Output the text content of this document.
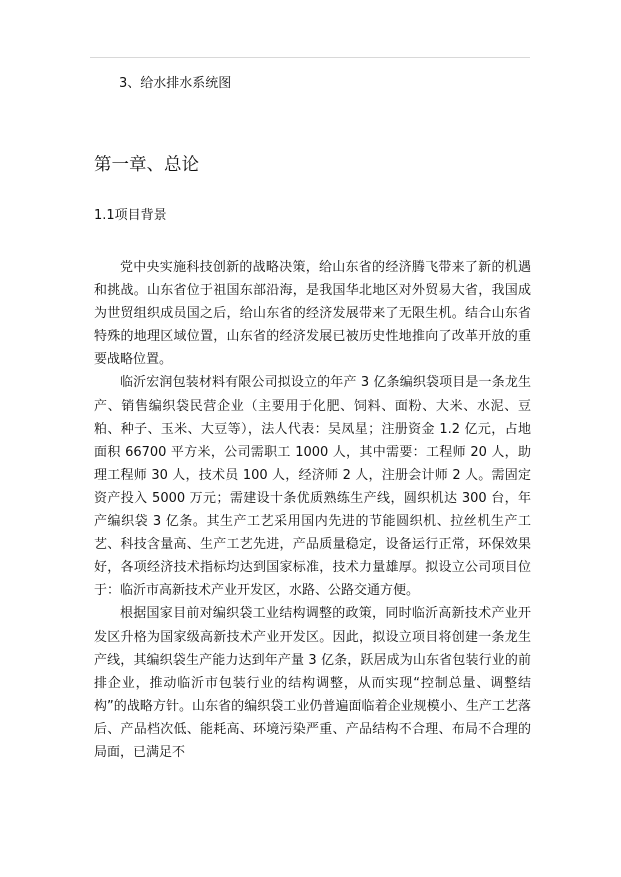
3、给水排水系统图
第一章、总论
1.1项目背景

党中央实施科技创新的战略决策，给山东省的经济腾飞带来了新的机遇和挑战。山东省位于祖国东部沿海，是我国华北地区对外贸易大省，我国成为世贸组织成员国之后，给山东省的经济发展带来了无限生机。结合山东省特殊的地理区域位置，山东省的经济发展已被历史性地推向了改革开放的重要战略位置。

临沂宏润包装材料有限公司拟设立的年产 3 亿条编织袋项目是一条龙生产、销售编织袋民营企业（主要用于化肥、饲料、面粉、大米、水泥、豆粕、种子、玉米、大豆等），法人代表：吴凤星；注册资金 1.2 亿元，占地面积 66700 平方米，公司需职工 1000 人，其中需要：工程师 20 人，助理工程师 30 人，技术员 100 人，经济师 2 人，注册会计师 2 人。需固定资产投入 5000 万元；需建设十条优质熟练生产线，圆织机达 300 台，年产编织袋 3 亿条。其生产工艺采用国内先进的节能圆织机、拉丝机生产工艺、科技含量高、生产工艺先进，产品质量稳定，设备运行正常，环保效果好，各项经济技术指标均达到国家标准，技术力量雄厚。拟设立公司项目位于：临沂市高新技术产业开发区，水路、公路交通方便。

根据国家目前对编织袋工业结构调整的政策，同时临沂高新技术产业开发区升格为国家级高新技术产业开发区。因此，拟设立项目将创建一条龙生产线，其编织袋生产能力达到年产量 3 亿条，跃居成为山东省包装行业的前排企业，推动临沂市包装行业的结构调整，从而实现“控制总量、调整结构”的战略方针。山东省的编织袋工业仍普遍面临着企业规模小、生产工艺落后、产品档次低、能耗高、环境污染严重、产品结构不合理、布局不合理的局面，已满足不
